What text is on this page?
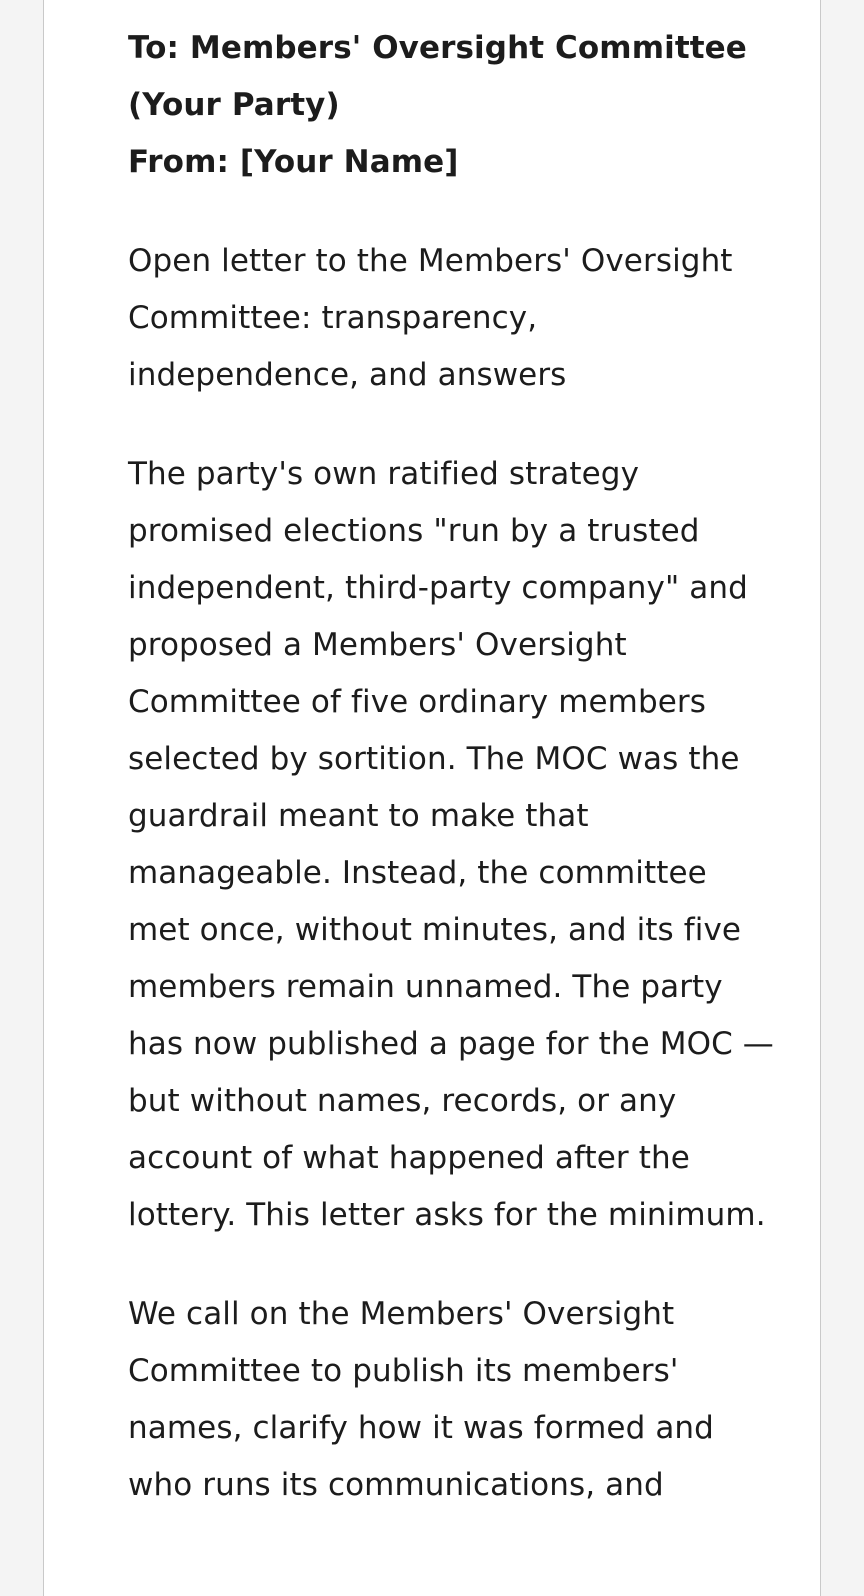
To: Members' Oversight Committee
(Your Party)

From: [Your Name]

Open letter to the Members' Oversight Committee: transparency, independence, and answers

The party's own ratified strategy promised elections "run by a trusted independent, third-party company" and proposed a Members' Oversight Committee of five ordinary members selected by sortition. The MOC was the guardrail meant to make that manageable. Instead, the committee met once, without minutes, and its five members remain unnamed. The party has now published a page for the MOC — but without names, records, or any account of what happened after the lottery. This letter asks for the minimum.

We call on the Members' Oversight Committee to publish its members' names, clarify how it was formed and who runs its communications, and
